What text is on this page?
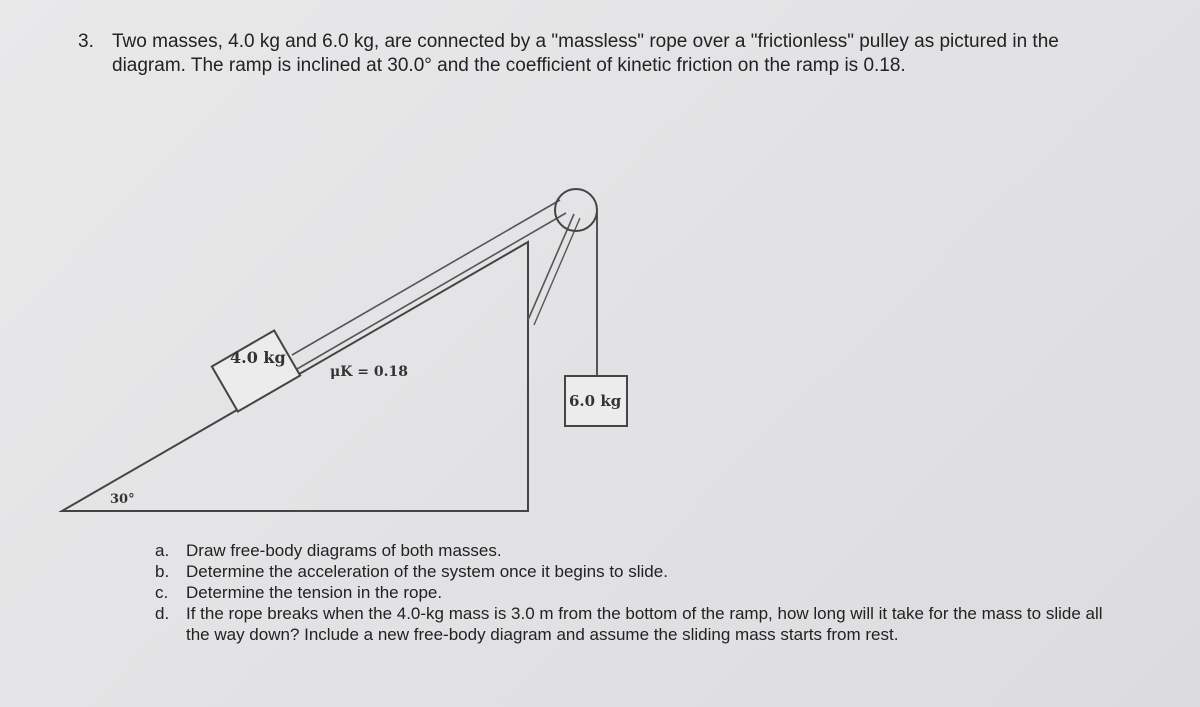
3. Two masses, 4.0 kg and 6.0 kg, are connected by a "massless" rope over a "frictionless" pulley as pictured in the diagram. The ramp is inclined at 30.0° and the coefficient of kinetic friction on the ramp is 0.18.
4.0 kg
μK = 0.18
6.0 kg
30°
a. Draw free-body diagrams of both masses.
b. Determine the acceleration of the system once it begins to slide.
c.	Determine the tension in the rope.
d. If the rope breaks when the 4.0-kg mass is 3.0 m from the bottom of the ramp, how long will it take for the mass to slide all the way down? Include a new free-body diagram and assume the sliding mass starts from rest.
